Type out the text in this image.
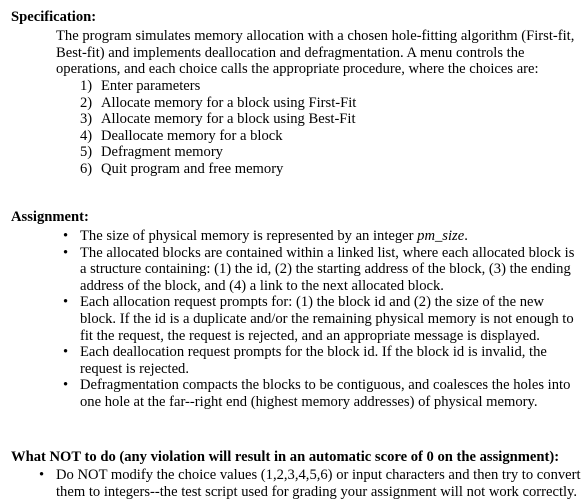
Specification:
The program simulates memory allocation with a chosen hole-fitting algorithm (First-fit,
Best-fit) and implements deallocation and defragmentation. A menu controls the
operations, and each choice calls the appropriate procedure, where the choices are:
1) Enter parameters
2) Allocate memory for a block using First-Fit
3) Allocate memory for a block using Best-Fit
4) Deallocate memory for a block
5) Defragment memory
6) Quit program and free memory
Assignment:
• The size of physical memory is represented by an integer pm_size.
• The allocated blocks are contained within a linked list, where each allocated block is
a structure containing: (1) the id, (2) the starting address of the block, (3) the ending
address of the block, and (4) a link to the next allocated block.
• Each allocation request prompts for: (1) the block id and (2) the size of the new
block. If the id is a duplicate and/or the remaining physical memory is not enough to
fit the request, the request is rejected, and an appropriate message is displayed.
• Each deallocation request prompts for the block id. If the block id is invalid, the
request is rejected.
• Defragmentation compacts the blocks to be contiguous, and coalesces the holes into
one hole at the far--right end (highest memory addresses) of physical memory.
What NOT to do (any violation will result in an automatic score of 0 on the assignment):
• Do NOT modify the choice values (1,2,3,4,5,6) or input characters and then try to convert
them to integers--the test script used for grading your assignment will not work correctly.
